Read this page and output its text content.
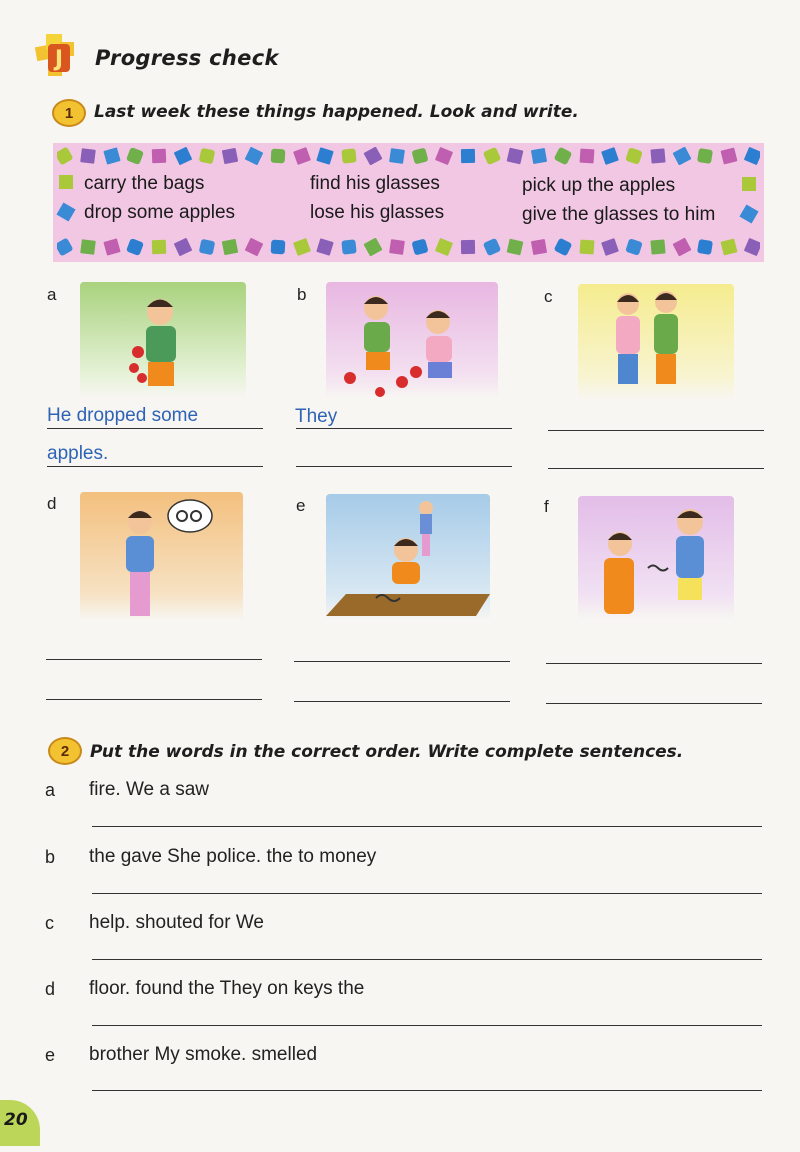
J Progress check
1 Last week these things happened. Look and write.
carry the bags	find his glasses	pick up the apples
drop some apples	lose his glasses	give the glasses to him
a	b	c
He dropped some
apples.
They
d	e	f
2 Put the words in the correct order. Write complete sentences.
a fire. We a saw
b the gave She police. the to money
c help. shouted for We
d floor. found the They on keys the
e brother My smoke. smelled
20
